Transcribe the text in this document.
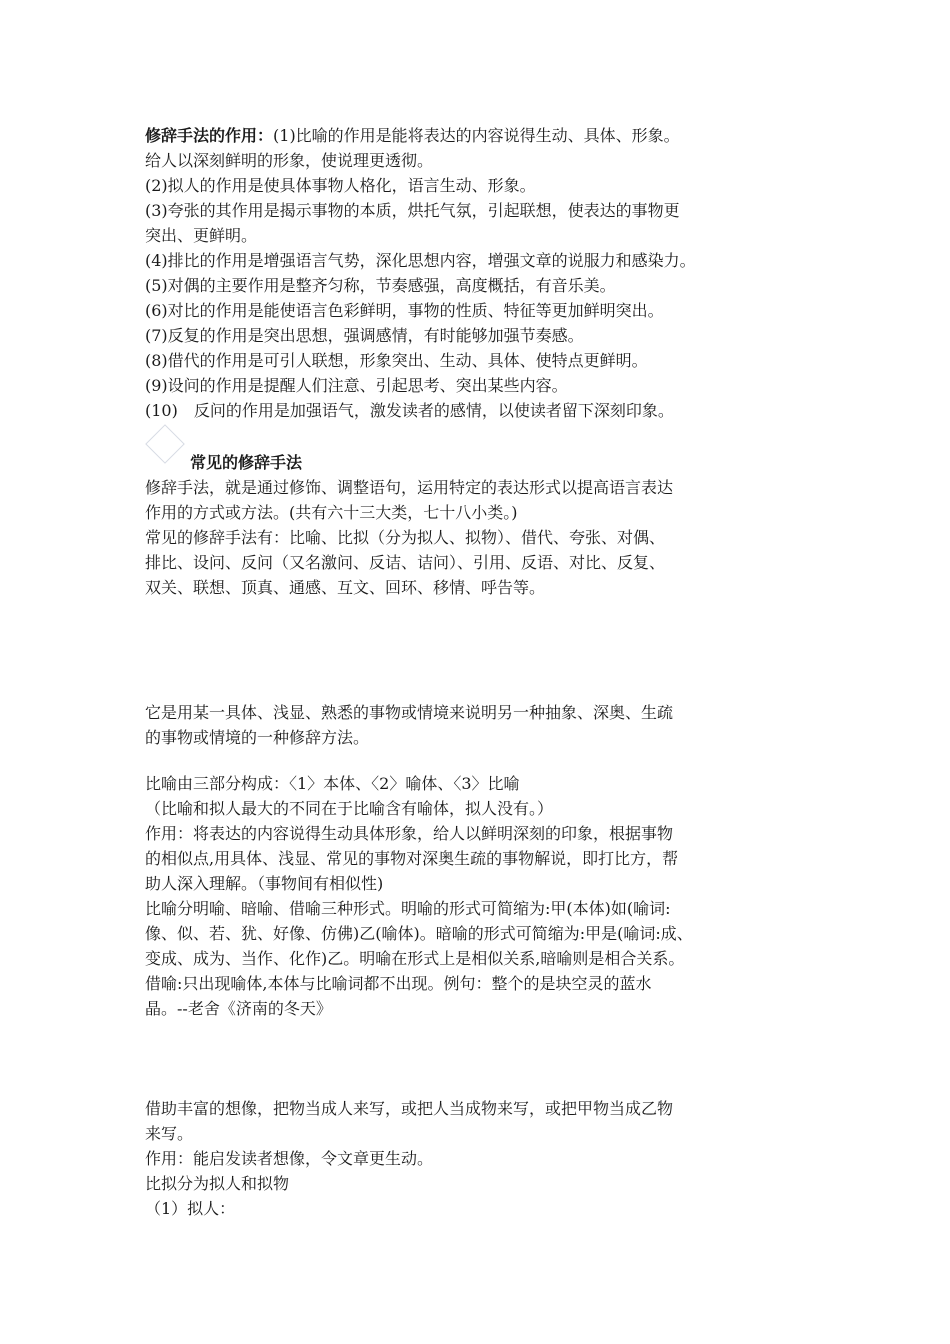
修辞手法的作用：(1)比喻的作用是能将表达的内容说得生动、具体、形象。
给人以深刻鲜明的形象，使说理更透彻。
(2)拟人的作用是使具体事物人格化，语言生动、形象。
(3)夸张的其作用是揭示事物的本质，烘托气氛，引起联想，使表达的事物更
突出、更鲜明。
(4)排比的作用是增强语言气势，深化思想内容，增强文章的说服力和感染力。
(5)对偶的主要作用是整齐匀称，节奏感强，高度概括，有音乐美。
(6)对比的作用是能使语言色彩鲜明，事物的性质、特征等更加鲜明突出。
(7)反复的作用是突出思想，强调感情，有时能够加强节奏感。
(8)借代的作用是可引人联想，形象突出、生动、具体、使特点更鲜明。
(9)设问的作用是提醒人们注意、引起思考、突出某些内容。
(10)　反问的作用是加强语气，激发读者的感情，以使读者留下深刻印象。
常见的修辞手法
修辞手法，就是通过修饰、调整语句，运用特定的表达形式以提高语言表达
作用的方式或方法。(共有六十三大类，七十八小类。)
常见的修辞手法有：比喻、比拟（分为拟人、拟物）、借代、夸张、对偶、
排比、设问、反问（又名激问、反诘、诘问）、引用、反语、对比、反复、
双关、联想、顶真、通感、互文、回环、移情、呼告等。
它是用某一具体、浅显、熟悉的事物或情境来说明另一种抽象、深奥、生疏
的事物或情境的一种修辞方法。
比喻由三部分构成：〈1〉本体、〈2〉喻体、〈3〉比喻
（比喻和拟人最大的不同在于比喻含有喻体，拟人没有。）
作用：将表达的内容说得生动具体形象，给人以鲜明深刻的印象，根据事物
的相似点,用具体、浅显、常见的事物对深奥生疏的事物解说，即打比方，帮
助人深入理解。（事物间有相似性)
比喻分明喻、暗喻、借喻三种形式。明喻的形式可简缩为:甲(本体)如(喻词:
像、似、若、犹、好像、仿佛)乙(喻体)。暗喻的形式可简缩为:甲是(喻词:成、
变成、成为、当作、化作)乙。明喻在形式上是相似关系,暗喻则是相合关系。
借喻:只出现喻体,本体与比喻词都不出现。例句：整个的是块空灵的蓝水
晶。--老舍《济南的冬天》
借助丰富的想像，把物当成人来写，或把人当成物来写，或把甲物当成乙物
来写。
作用：能启发读者想像，令文章更生动。
比拟分为拟人和拟物
（1）拟人：
